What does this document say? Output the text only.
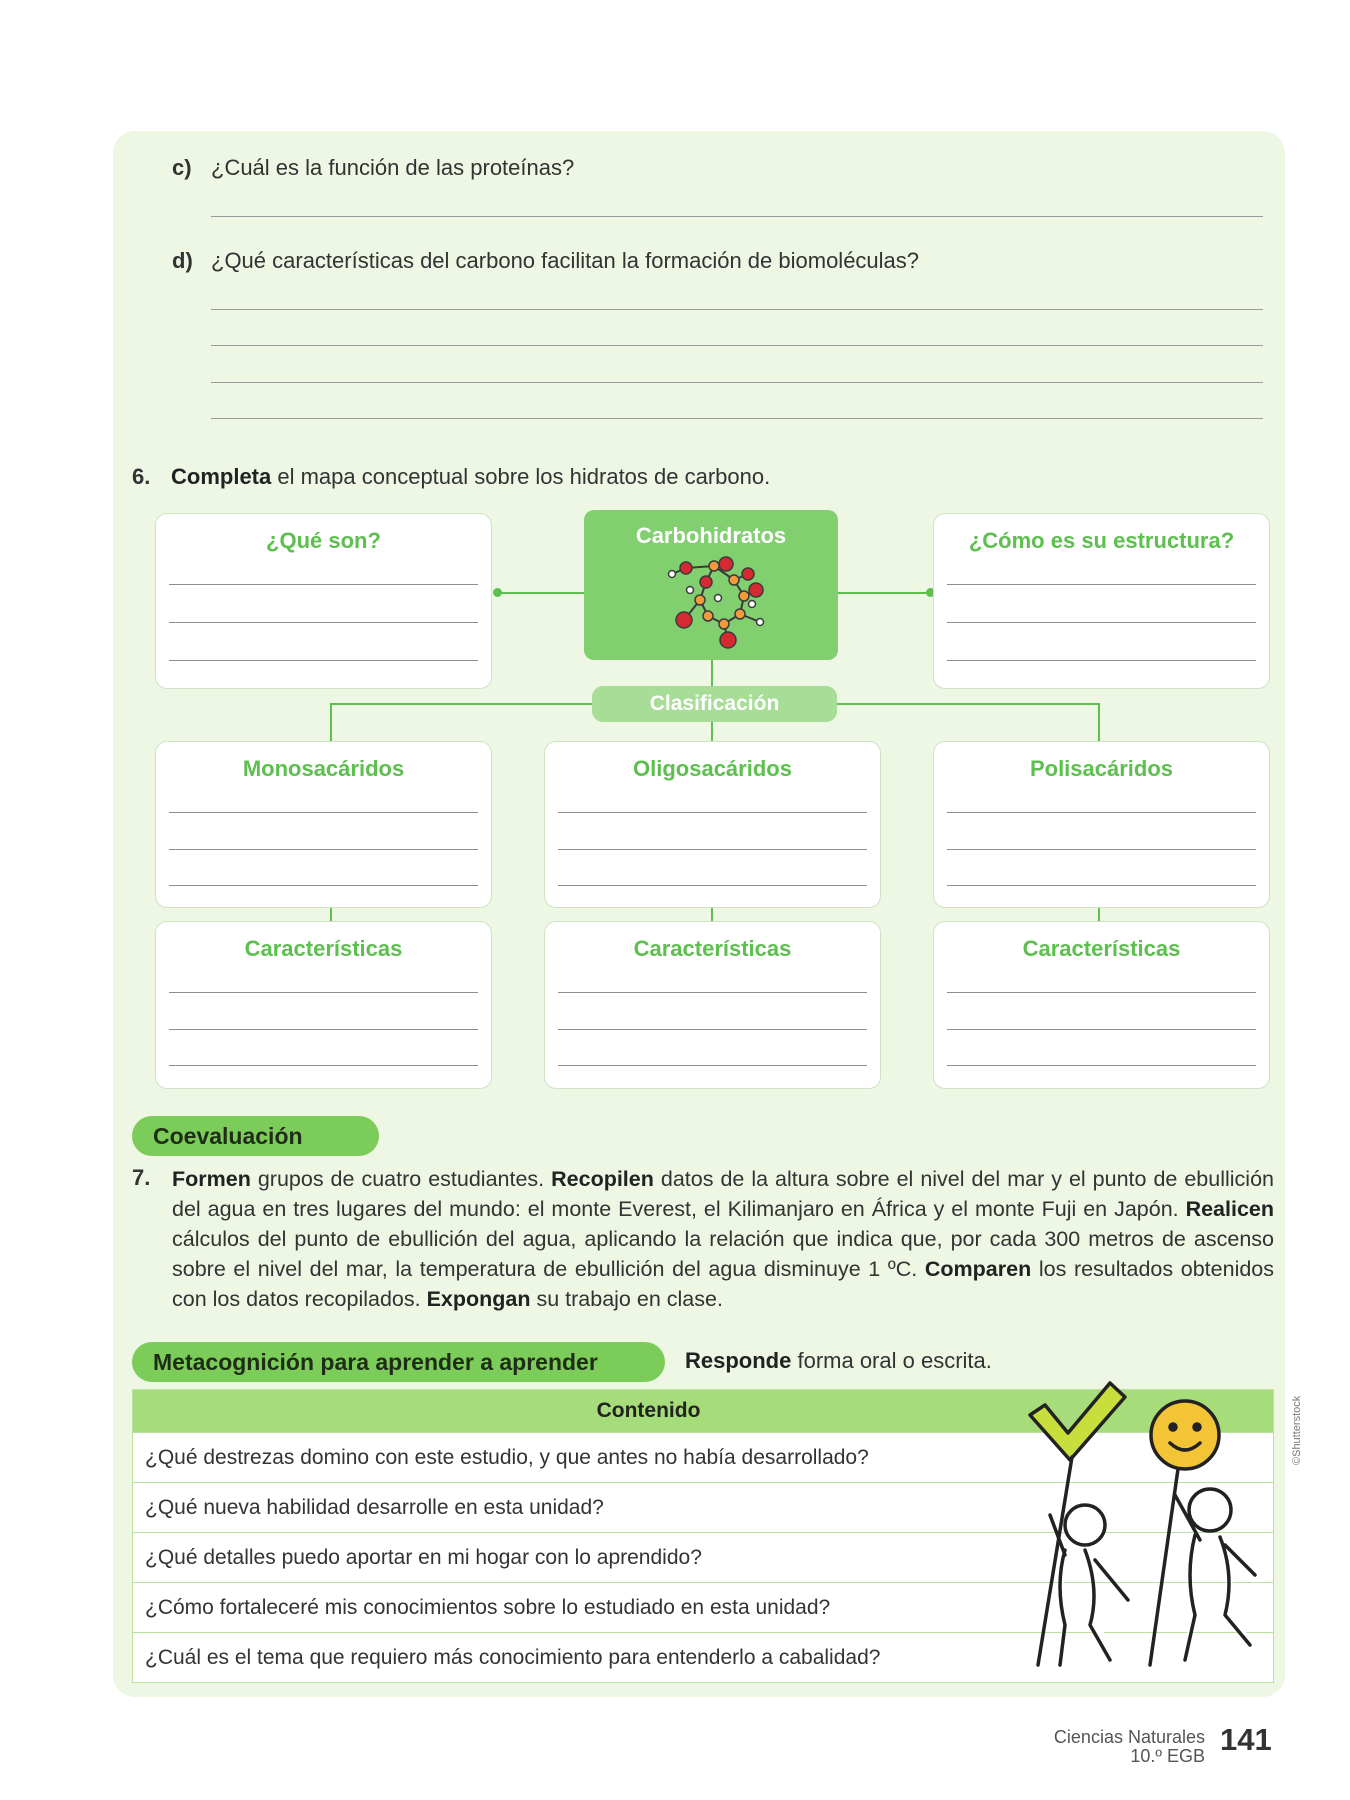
c) ¿Cuál es la función de las proteínas?
d) ¿Qué características del carbono facilitan la formación de biomoléculas?
6. Completa el mapa conceptual sobre los hidratos de carbono.
¿Qué son?	Carbohidratos	¿Cómo es su estructura?
Clasificación
Monosacáridos	Oligosacáridos	Polisacáridos
Características	Características	Características
Coevaluación
7. Formen grupos de cuatro estudiantes. Recopilen datos de la altura sobre el nivel del mar y el punto de ebullición del agua en tres lugares del mundo: el monte Everest, el Kilimanjaro en África y el monte Fuji en Japón. Realicen cálculos del punto de ebullición del agua, aplicando la relación que indica que, por cada 300 metros de ascenso sobre el nivel del mar, la temperatura de ebullición del agua disminuye 1 ºC. Comparen los resultados obtenidos con los datos recopilados. Expongan su trabajo en clase.
Metacognición para aprender a aprender	Responde forma oral o escrita.
Contenido
¿Qué destrezas domino con este estudio, y que antes no había desarrollado?
¿Qué nueva habilidad desarrolle en esta unidad?
¿Qué detalles puedo aportar en mi hogar con lo aprendido?
¿Cómo fortaleceré mis conocimientos sobre lo estudiado en esta unidad?
¿Cuál es el tema que requiero más conocimiento para entenderlo a cabalidad?
©Shutterstock
Ciencias Naturales
10.º EGB 141
